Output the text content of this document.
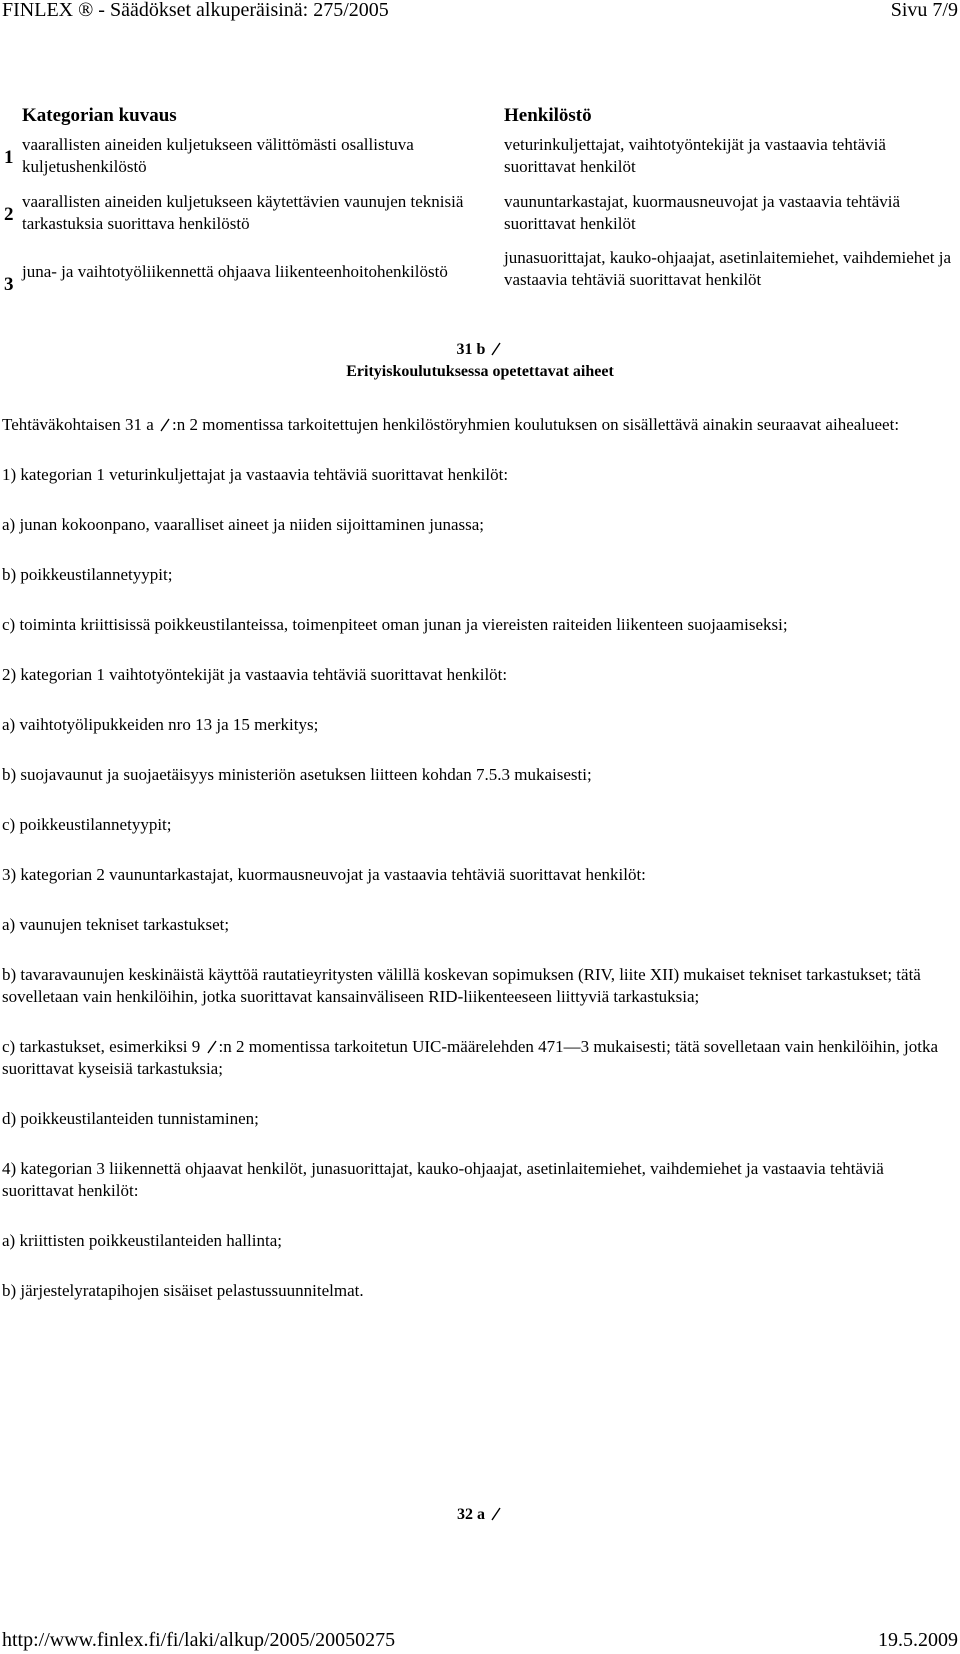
FINLEX ® - Säädökset alkuperäisinä: 275/2005	Sivu 7/9
Kategorian kuvaus	Henkilöstö
1
vaarallisten aineiden kuljetukseen välittömästi osallistuva kuljetushenkilöstö
veturinkuljettajat, vaihtotyöntekijät ja vastaavia tehtäviä suorittavat henkilöt
2
vaarallisten aineiden kuljetukseen käytettävien vaunujen teknisiä tarkastuksia suorittava henkilöstö
vaununtarkastajat, kuormausneuvojat ja vastaavia tehtäviä suorittavat henkilöt
3
juna- ja vaihtotyöliikennettä ohjaava liikenteenhoitohenkilöstö
junasuorittajat, kauko-ohjaajat, asetinlaitemiehet, vaihdemiehet ja vastaavia tehtäviä suorittavat henkilöt
31 b
Erityiskoulutuksessa opetettavat aiheet

Tehtäväkohtaisen 31 a :n 2 momentissa tarkoitettujen henkilöstöryhmien koulutuksen on sisällettävä ainakin seuraavat aihealueet:

1) kategorian 1 veturinkuljettajat ja vastaavia tehtäviä suorittavat henkilöt:

a) junan kokoonpano, vaaralliset aineet ja niiden sijoittaminen junassa;

b) poikkeustilannetyypit;

c) toiminta kriittisissä poikkeustilanteissa, toimenpiteet oman junan ja viereisten raiteiden liikenteen suojaamiseksi;

2) kategorian 1 vaihtotyöntekijät ja vastaavia tehtäviä suorittavat henkilöt:

a) vaihtotyölipukkeiden nro 13 ja 15 merkitys;

b) suojavaunut ja suojaetäisyys ministeriön asetuksen liitteen kohdan 7.5.3 mukaisesti;

c) poikkeustilannetyypit;

3) kategorian 2 vaununtarkastajat, kuormausneuvojat ja vastaavia tehtäviä suorittavat henkilöt:

a) vaunujen tekniset tarkastukset;

b) tavaravaunujen keskinäistä käyttöä rautatieyritysten välillä koskevan sopimuksen (RIV, liite XII) mukaiset tekniset tarkastukset; tätä sovelletaan vain henkilöihin, jotka suorittavat kansainväliseen RID-liikenteeseen liittyviä tarkastuksia;

c) tarkastukset, esimerkiksi 9 :n 2 momentissa tarkoitetun UIC-määrelehden 471—3 mukaisesti; tätä sovelletaan vain henkilöihin, jotka suorittavat kyseisiä tarkastuksia;

d) poikkeustilanteiden tunnistaminen;

4) kategorian 3 liikennettä ohjaavat henkilöt, junasuorittajat, kauko-ohjaajat, asetinlaitemiehet, vaihdemiehet ja vastaavia tehtäviä suorittavat henkilöt:

a) kriittisten poikkeustilanteiden hallinta;

b) järjestelyratapihojen sisäiset pelastussuunnitelmat.

32 a
http://www.finlex.fi/fi/laki/alkup/2005/20050275	19.5.2009
